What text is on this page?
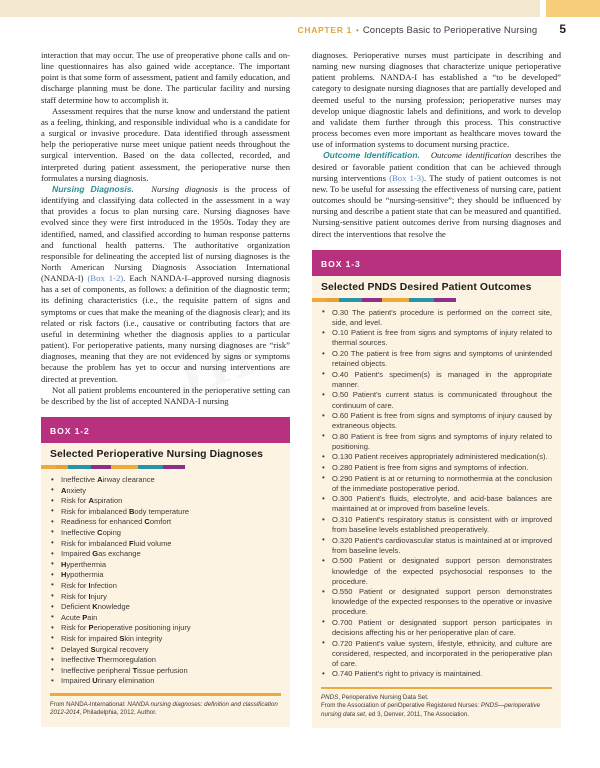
CHAPTER 1 • Concepts Basic to Perioperative Nursing 5

interaction that may occur. The use of preoperative phone calls and on-line questionnaires has also gained wide acceptance. The important point is that some form of assessment, patient and family education, and discharge planning must be done. The particular facility and nursing staff determine how to accomplish it.

Assessment requires that the nurse know and understand the patient as a feeling, thinking, and responsible individual who is a candidate for a surgical or invasive procedure. Data identified through assessment help the perioperative nurse meet unique patient needs throughout the surgical intervention. Based on the data collected, recorded, and interpreted during patient assessment, the perioperative nurse then formulates a nursing diagnosis.

Nursing Diagnosis. Nursing diagnosis is the process of identifying and classifying data collected in the assessment in a way that provides a focus to plan nursing care. Nursing diagnoses have evolved since they were first introduced in the 1950s. Today they are identified, named, and classified according to human response patterns and functional health patterns. The authoritative organization responsible for delineating the accepted list of nursing diagnoses is the North American Nursing Diagnosis Association International (NANDA-I) (Box 1-2). Each NANDA-I–approved nursing diagnosis has a set of components, as follows: a definition of the diagnostic term; its defining characteristics (i.e., the requisite pattern of signs and symptoms or cues that make the meaning of the diagnosis clear); and its related or risk factors (i.e., causative or contributing factors that are useful in determining whether the diagnosis applies to a particular patient). For perioperative patients, many nursing diagnoses are “risk” diagnoses, meaning that they are not evidenced by signs or symptoms because the problem has yet to occur and nursing interventions are directed at prevention.

Not all patient problems encountered in the perioperative setting can be described by the list of accepted NANDA-I nursing

BOX 1-2
Selected Perioperative Nursing Diagnoses
• Ineffective Airway clearance
• Anxiety
• Risk for Aspiration
• Risk for imbalanced Body temperature
• Readiness for enhanced Comfort
• Ineffective Coping
• Risk for imbalanced Fluid volume
• Impaired Gas exchange
• Hyperthermia
• Hypothermia
• Risk for Infection
• Risk for Injury
• Deficient Knowledge
• Acute Pain
• Risk for Perioperative positioning injury
• Risk for impaired Skin integrity
• Delayed Surgical recovery
• Ineffective Thermoregulation
• Ineffective peripheral Tissue perfusion
• Impaired Urinary elimination
From NANDA-International: NANDA nursing diagnoses: definition and classification 2012-2014, Philadelphia, 2012, Author.

diagnoses. Perioperative nurses must participate in describing and naming new nursing diagnoses that characterize unique perioperative patient problems. NANDA-I has established a “to be developed” category to designate nursing diagnoses that are partially developed and deemed useful to the nursing profession; perioperative nurses may develop unique diagnostic labels and definitions, and work to develop and validate them further through this process. This constructive process becomes even more important as healthcare moves toward the use of information systems to document nursing practice.

Outcome Identification. Outcome identification describes the desired or favorable patient condition that can be achieved through nursing interventions (Box 1-3). The study of patient outcomes is not new. To be useful for assessing the effectiveness of nursing care, patient outcomes should be “nursing-sensitive”; they should be influenced by nursing and describe a patient state that can be measured and quantified. Nursing-sensitive patient outcomes derive from nursing diagnoses and direct the interventions that resolve the

BOX 1-3
Selected PNDS Desired Patient Outcomes
• O.30 The patient's procedure is performed on the correct site, side, and level.
• O.10 Patient is free from signs and symptoms of injury related to thermal sources.
• O.20 The patient is free from signs and symptoms of unintended retained objects.
• O.40 Patient's specimen(s) is managed in the appropriate manner.
• O.50 Patient's current status is communicated throughout the continuum of care.
• O.60 Patient is free from signs and symptoms of injury caused by extraneous objects.
• O.80 Patient is free from signs and symptoms of injury related to positioning.
• O.130 Patient receives appropriately administered medication(s).
• O.280 Patient is free from signs and symptoms of infection.
• O.290 Patient is at or returning to normothermia at the conclusion of the immediate postoperative period.
• O.300 Patient's fluids, electrolyte, and acid-base balances are maintained at or improved from baseline levels.
• O.310 Patient's respiratory status is consistent with or improved from baseline levels established preoperatively.
• O.320 Patient's cardiovascular status is maintained at or improved from baseline levels.
• O.500 Patient or designated support person demonstrates knowledge of the expected psychosocial responses to the procedure.
• O.550 Patient or designated support person demonstrates knowledge of the expected responses to the operative or invasive procedure.
• O.700 Patient or designated support person participates in decisions affecting his or her perioperative plan of care.
• O.720 Patient's value system, lifestyle, ethnicity, and culture are considered, respected, and incorporated in the perioperative plan of care.
• O.740 Patient's right to privacy is maintained.
PNDS, Perioperative Nursing Data Set.
From the Association of periOperative Registered Nurses: PNDS—perioperative nursing data set, ed 3, Denver, 2011, The Association.
